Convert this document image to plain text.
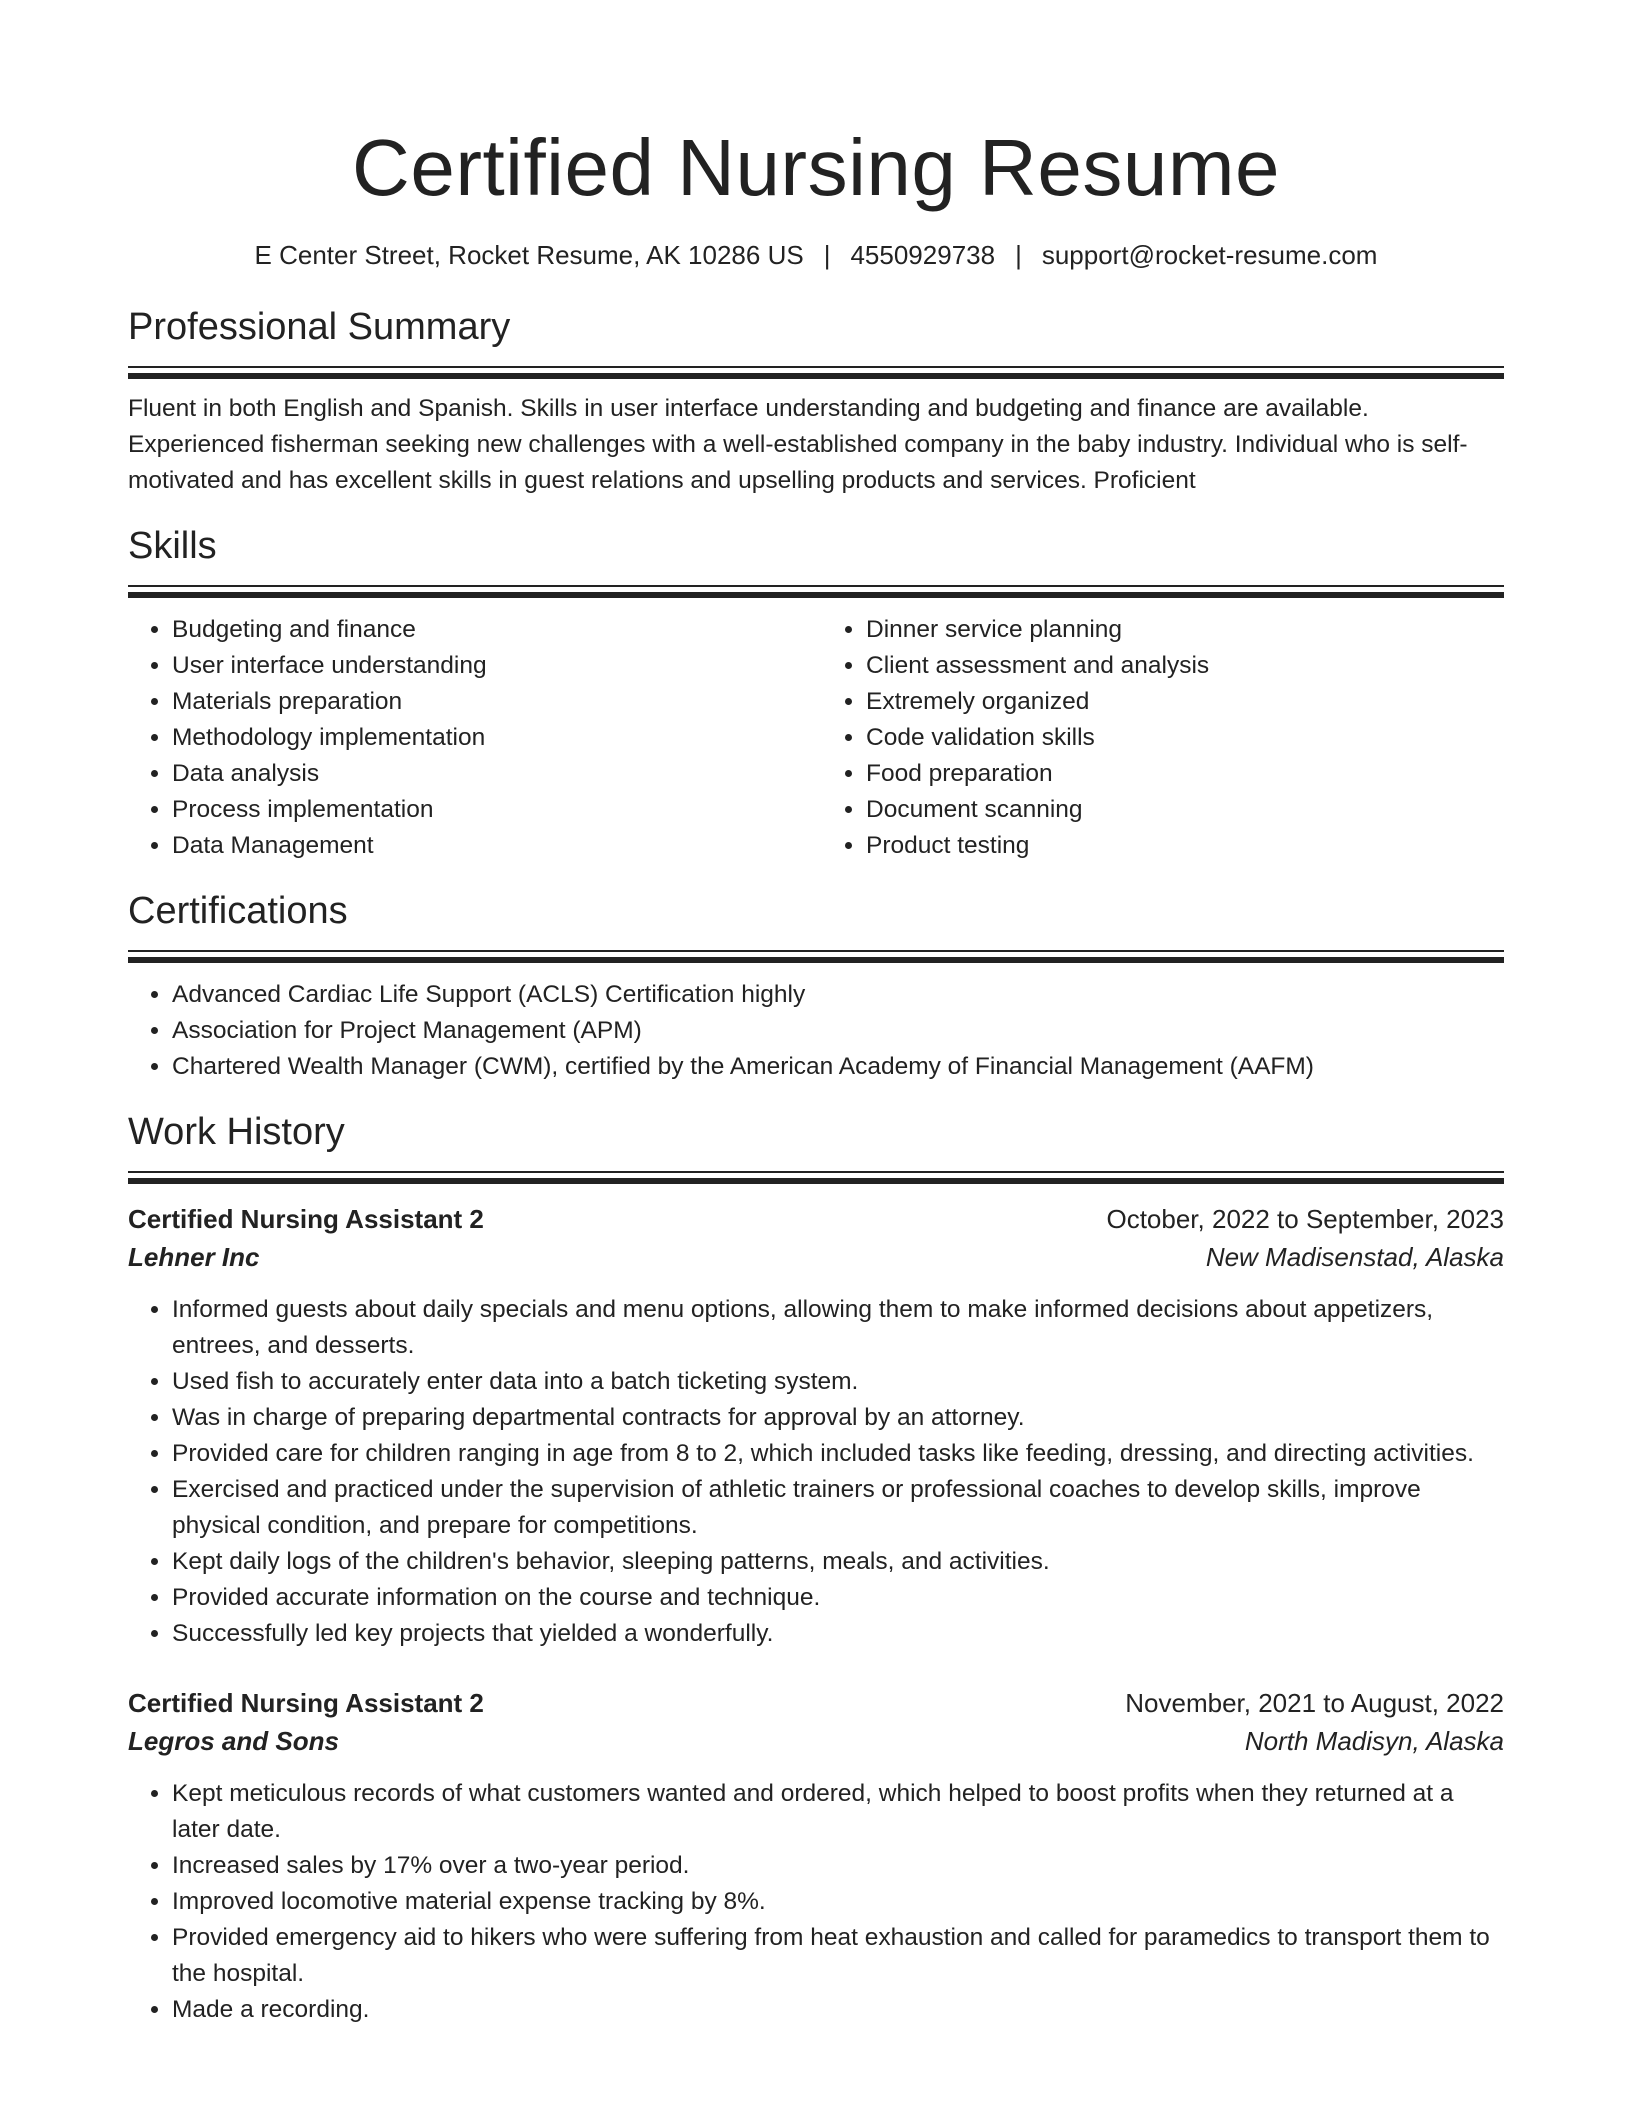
Certified Nursing Resume
E Center Street, Rocket Resume, AK 10286 US | 4550929738 | support@rocket-resume.com
Professional Summary

Fluent in both English and Spanish. Skills in user interface understanding and budgeting and finance are available. Experienced fisherman seeking new challenges with a well-established company in the baby industry. Individual who is self-motivated and has excellent skills in guest relations and upselling products and services. Proficient

Skills
• Budgeting and finance
• User interface understanding
• Materials preparation
• Methodology implementation
• Data analysis
• Process implementation
• Data Management
• Dinner service planning
• Client assessment and analysis
• Extremely organized
• Code validation skills
• Food preparation
• Document scanning
• Product testing
Certifications
• Advanced Cardiac Life Support (ACLS) Certification highly
• Association for Project Management (APM)
• Chartered Wealth Manager (CWM), certified by the American Academy of Financial Management (AAFM)
Work History
Certified Nursing Assistant 2	October, 2022 to September, 2023
Lehner Inc	New Madisenstad, Alaska
• Informed guests about daily specials and menu options, allowing them to make informed decisions about appetizers, entrees, and desserts.
• Used fish to accurately enter data into a batch ticketing system.
• Was in charge of preparing departmental contracts for approval by an attorney.
• Provided care for children ranging in age from 8 to 2, which included tasks like feeding, dressing, and directing activities.
• Exercised and practiced under the supervision of athletic trainers or professional coaches to develop skills, improve physical condition, and prepare for competitions.
• Kept daily logs of the children's behavior, sleeping patterns, meals, and activities.
• Provided accurate information on the course and technique.
• Successfully led key projects that yielded a wonderfully.
Certified Nursing Assistant 2	November, 2021 to August, 2022
Legros and Sons	North Madisyn, Alaska
• Kept meticulous records of what customers wanted and ordered, which helped to boost profits when they returned at a later date.
• Increased sales by 17% over a two-year period.
• Improved locomotive material expense tracking by 8%.
• Provided emergency aid to hikers who were suffering from heat exhaustion and called for paramedics to transport them to the hospital.
• Made a recording.
